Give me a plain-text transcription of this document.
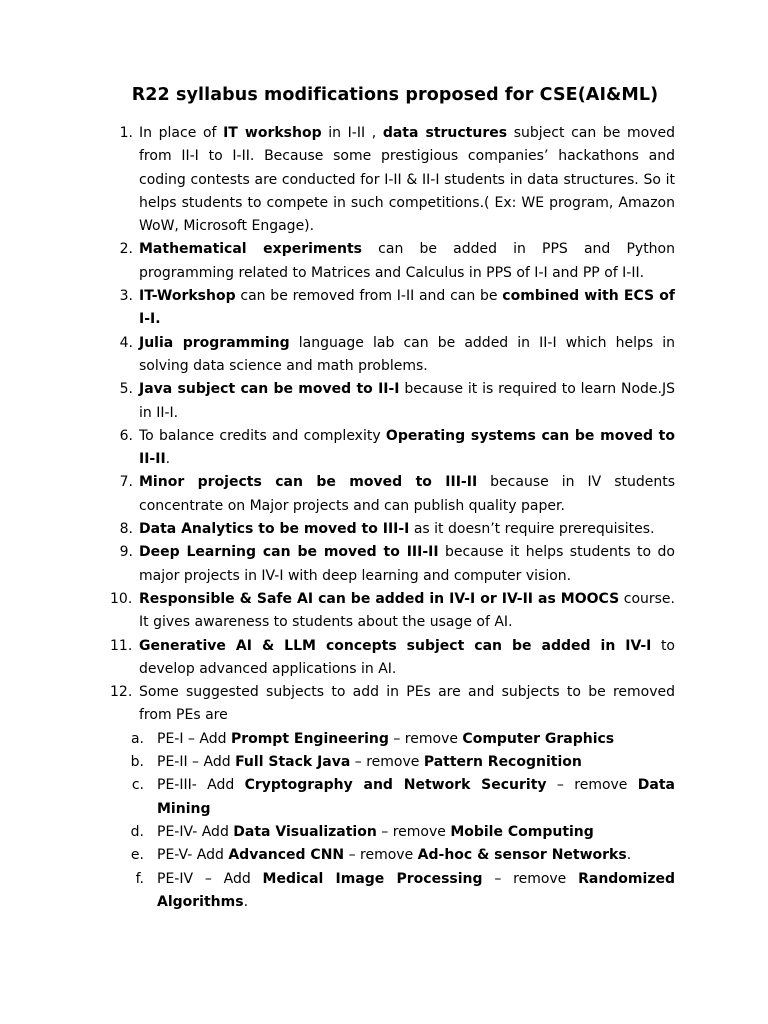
R22 syllabus modifications proposed for CSE(AI&ML)
1. In place of IT workshop in I-II , data structures subject can be moved from II-I to I-II. Because some prestigious companies’ hackathons and coding contests are conducted for I-II & II-I students in data structures. So it helps students to compete in such competitions.( Ex: WE program, Amazon WoW, Microsoft Engage).
2. Mathematical experiments can be added in PPS and Python programming related to Matrices and Calculus in PPS of I-I and PP of I-II.
3. IT-Workshop can be removed from I-II and can be combined with ECS of I-I.
4. Julia programming language lab can be added in II-I which helps in solving data science and math problems.
5. Java subject can be moved to II-I because it is required to learn Node.JS in II-I.
6. To balance credits and complexity Operating systems can be moved to II-II.
7. Minor projects can be moved to III-II because in IV students concentrate on Major projects and can publish quality paper.
8. Data Analytics to be moved to III-I as it doesn’t require prerequisites.
9. Deep Learning can be moved to III-II because it helps students to do major projects in IV-I with deep learning and computer vision.
10. Responsible & Safe AI can be added in IV-I or IV-II as MOOCS course. It gives awareness to students about the usage of AI.
11. Generative AI & LLM concepts subject can be added in IV-I to develop advanced applications in AI.
12. Some suggested subjects to add in PEs are and subjects to be removed from PEs are
a. PE-I – Add Prompt Engineering – remove Computer Graphics
b. PE-II – Add Full Stack Java – remove Pattern Recognition
c. PE-III- Add Cryptography and Network Security – remove Data Mining
d. PE-IV- Add Data Visualization – remove Mobile Computing
e. PE-V- Add Advanced CNN – remove Ad-hoc & sensor Networks.
f. PE-IV – Add Medical Image Processing – remove Randomized Algorithms.
